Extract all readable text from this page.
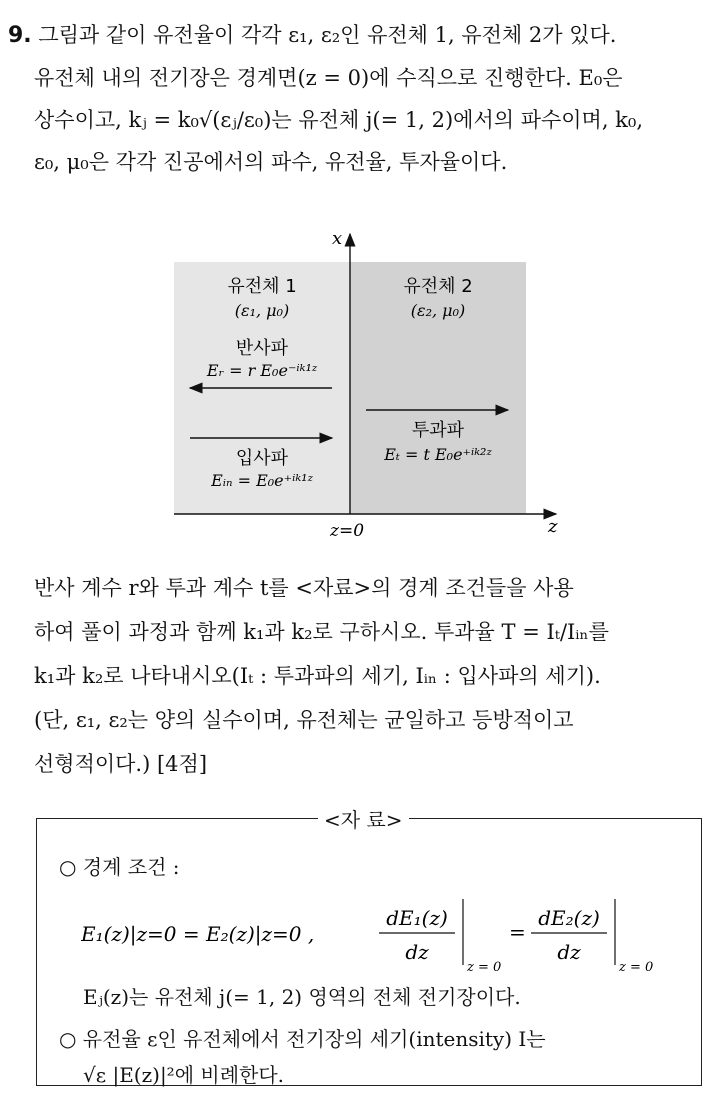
9. 그림과 같이 유전율이 각각 ε₁, ε₂인 유전체 1, 유전체 2가 있다.
유전체 내의 전기장은 경계면(z = 0)에 수직으로 진행한다. E₀은
상수이고, kⱼ = k₀√(εⱼ/ε₀)는 유전체 j(= 1, 2)에서의 파수이며, k₀,
ε₀, μ₀은 각각 진공에서의 파수, 유전율, 투자율이다.
x
z
z=0
유전체 1
(ε₁, μ₀)
유전체 2
(ε₂, μ₀)
반사파
Eᵣ = r E₀e⁻ⁱᵏ¹ᶻ
입사파
Eᵢₙ = E₀e⁺ⁱᵏ¹ᶻ
투과파
Eₜ = t E₀e⁺ⁱᵏ²ᶻ
반사 계수 r와 투과 계수 t를 <자료>의 경계 조건들을 사용
하여 풀이 과정과 함께 k₁과 k₂로 구하시오. 투과율 T = Iₜ/Iᵢₙ를
k₁과 k₂로 나타내시오(Iₜ : 투과파의 세기, Iᵢₙ : 입사파의 세기).
(단, ε₁, ε₂는 양의 실수이며, 유전체는 균일하고 등방적이고
선형적이다.) [4점]
○ 경계 조건 :
E₁(z)|z=0 = E₂(z)|z=0 ,
dE₁(z)
dz
z = 0
=
dE₂(z)
dz
z = 0
Eⱼ(z)는 유전체 j(= 1, 2) 영역의 전체 전기장이다.
○ 유전율 ε인 유전체에서 전기장의 세기(intensity) I는
√ε |E(z)|²에 비례한다.
<자 료>
